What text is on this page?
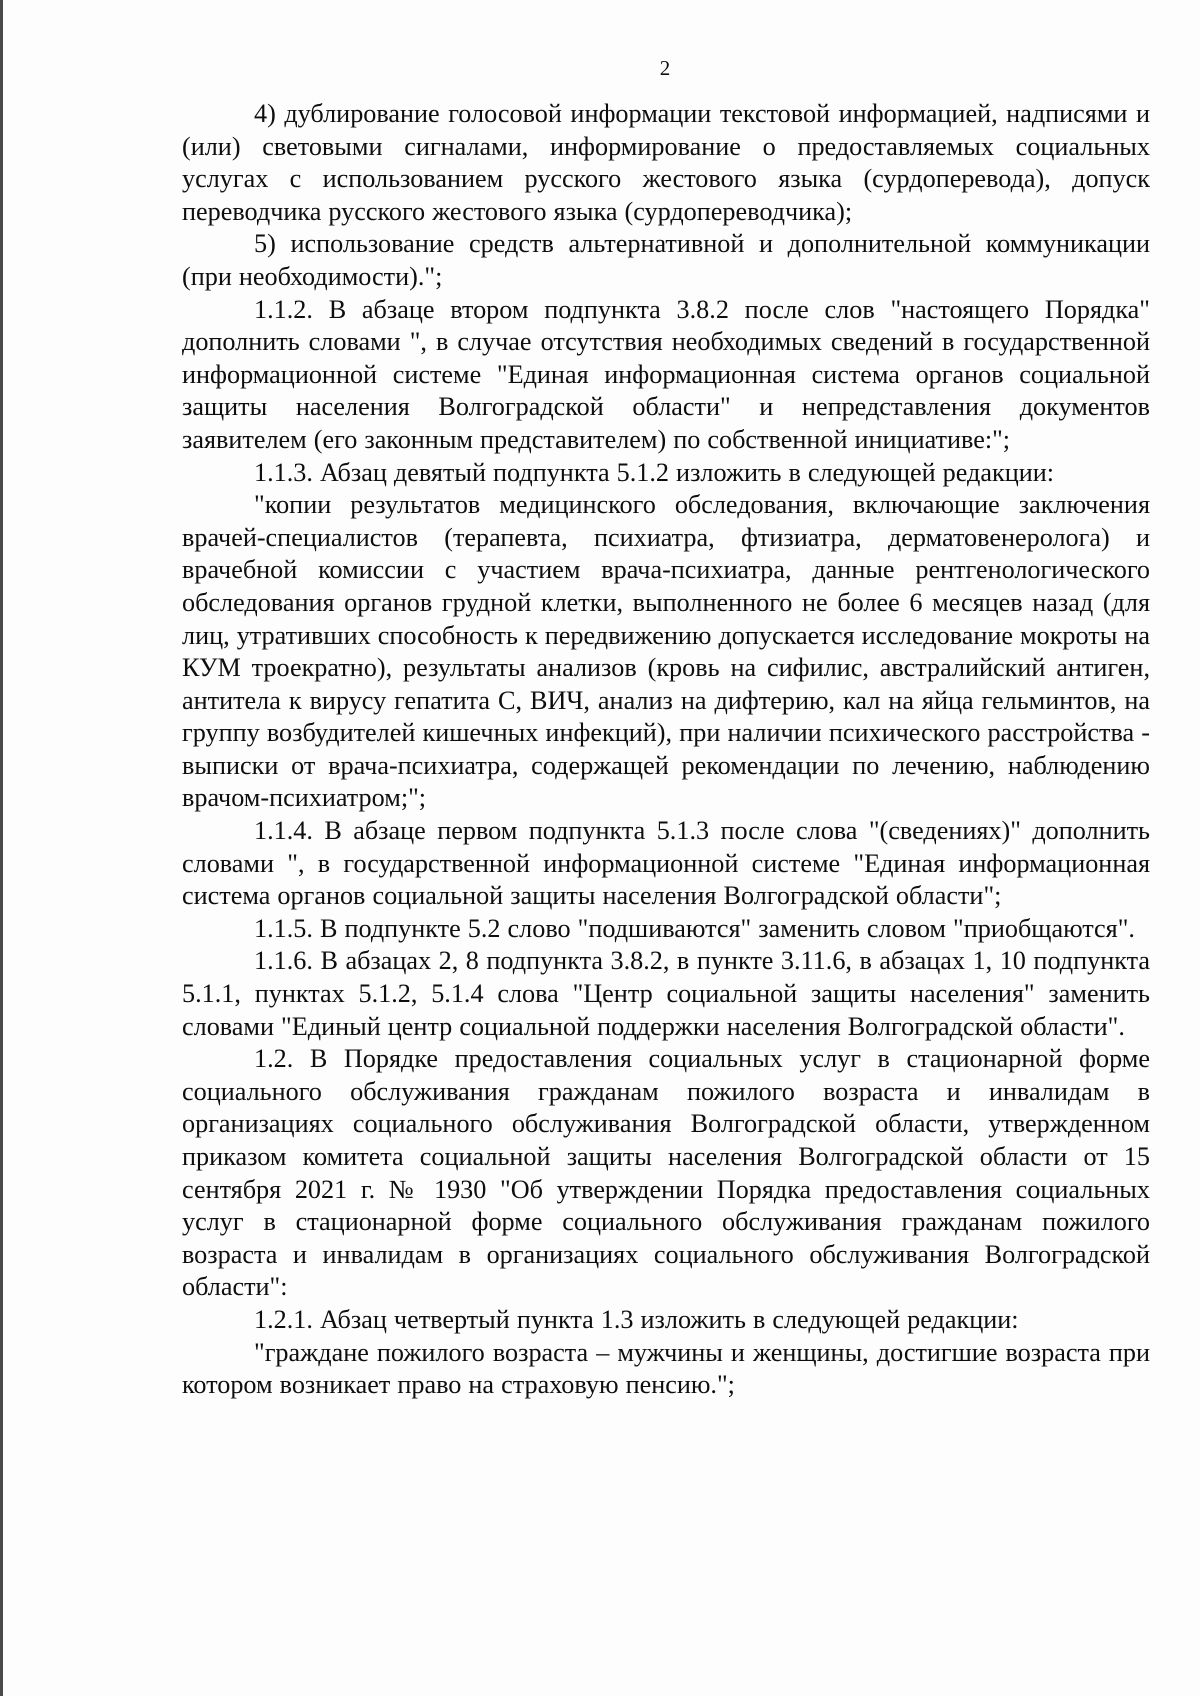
2

4) дублирование голосовой информации текстовой информацией, надписями и (или) световыми сигналами, информирование о предоставляемых социальных услугах с использованием русского жестового языка (сурдоперевода), допуск переводчика русского жестового языка (сурдопереводчика);

5) использование средств альтернативной и дополнительной коммуникации (при необходимости).";

1.1.2. В абзаце втором подпункта 3.8.2 после слов "настоящего Порядка" дополнить словами ", в случае отсутствия необходимых сведений в государственной информационной системе "Единая информационная система органов социальной защиты населения Волгоградской области" и непредставления документов заявителем (его законным представителем) по собственной инициативе:";

1.1.3. Абзац девятый подпункта 5.1.2 изложить в следующей редакции:

"копии результатов медицинского обследования, включающие заключения врачей-специалистов (терапевта, психиатра, фтизиатра, дерматовенеролога) и врачебной комиссии с участием врача-психиатра, данные рентгенологического обследования органов грудной клетки, выполненного не более 6 месяцев назад (для лиц, утративших способность к передвижению допускается исследование мокроты на КУМ троекратно), результаты анализов (кровь на сифилис, австралийский антиген, антитела к вирусу гепатита С, ВИЧ, анализ на дифтерию, кал на яйца гельминтов, на группу возбудителей кишечных инфекций), при наличии психического расстройства - выписки от врача-психиатра, содержащей рекомендации по лечению, наблюдению врачом-психиатром;";

1.1.4. В абзаце первом подпункта 5.1.3 после слова "(сведениях)" дополнить словами ", в государственной информационной системе "Единая информационная система органов социальной защиты населения Волгоградской области";

1.1.5. В подпункте 5.2 слово "подшиваются" заменить словом "приобщаются".

1.1.6. В абзацах 2, 8 подпункта 3.8.2, в пункте 3.11.6, в абзацах 1, 10 подпункта 5.1.1, пунктах 5.1.2, 5.1.4 слова "Центр социальной защиты населения" заменить словами "Единый центр социальной поддержки населения Волгоградской области".

1.2. В Порядке предоставления социальных услуг в стационарной форме социального обслуживания гражданам пожилого возраста и инвалидам в организациях социального обслуживания Волгоградской области, утвержденном приказом комитета социальной защиты населения Волгоградской области от 15 сентября 2021 г. № 1930 "Об утверждении Порядка предоставления социальных услуг в стационарной форме социального обслуживания гражданам пожилого возраста и инвалидам в организациях социального обслуживания Волгоградской области":

1.2.1. Абзац четвертый пункта 1.3 изложить в следующей редакции:

"граждане пожилого возраста – мужчины и женщины, достигшие возраста при котором возникает право на страховую пенсию.";
